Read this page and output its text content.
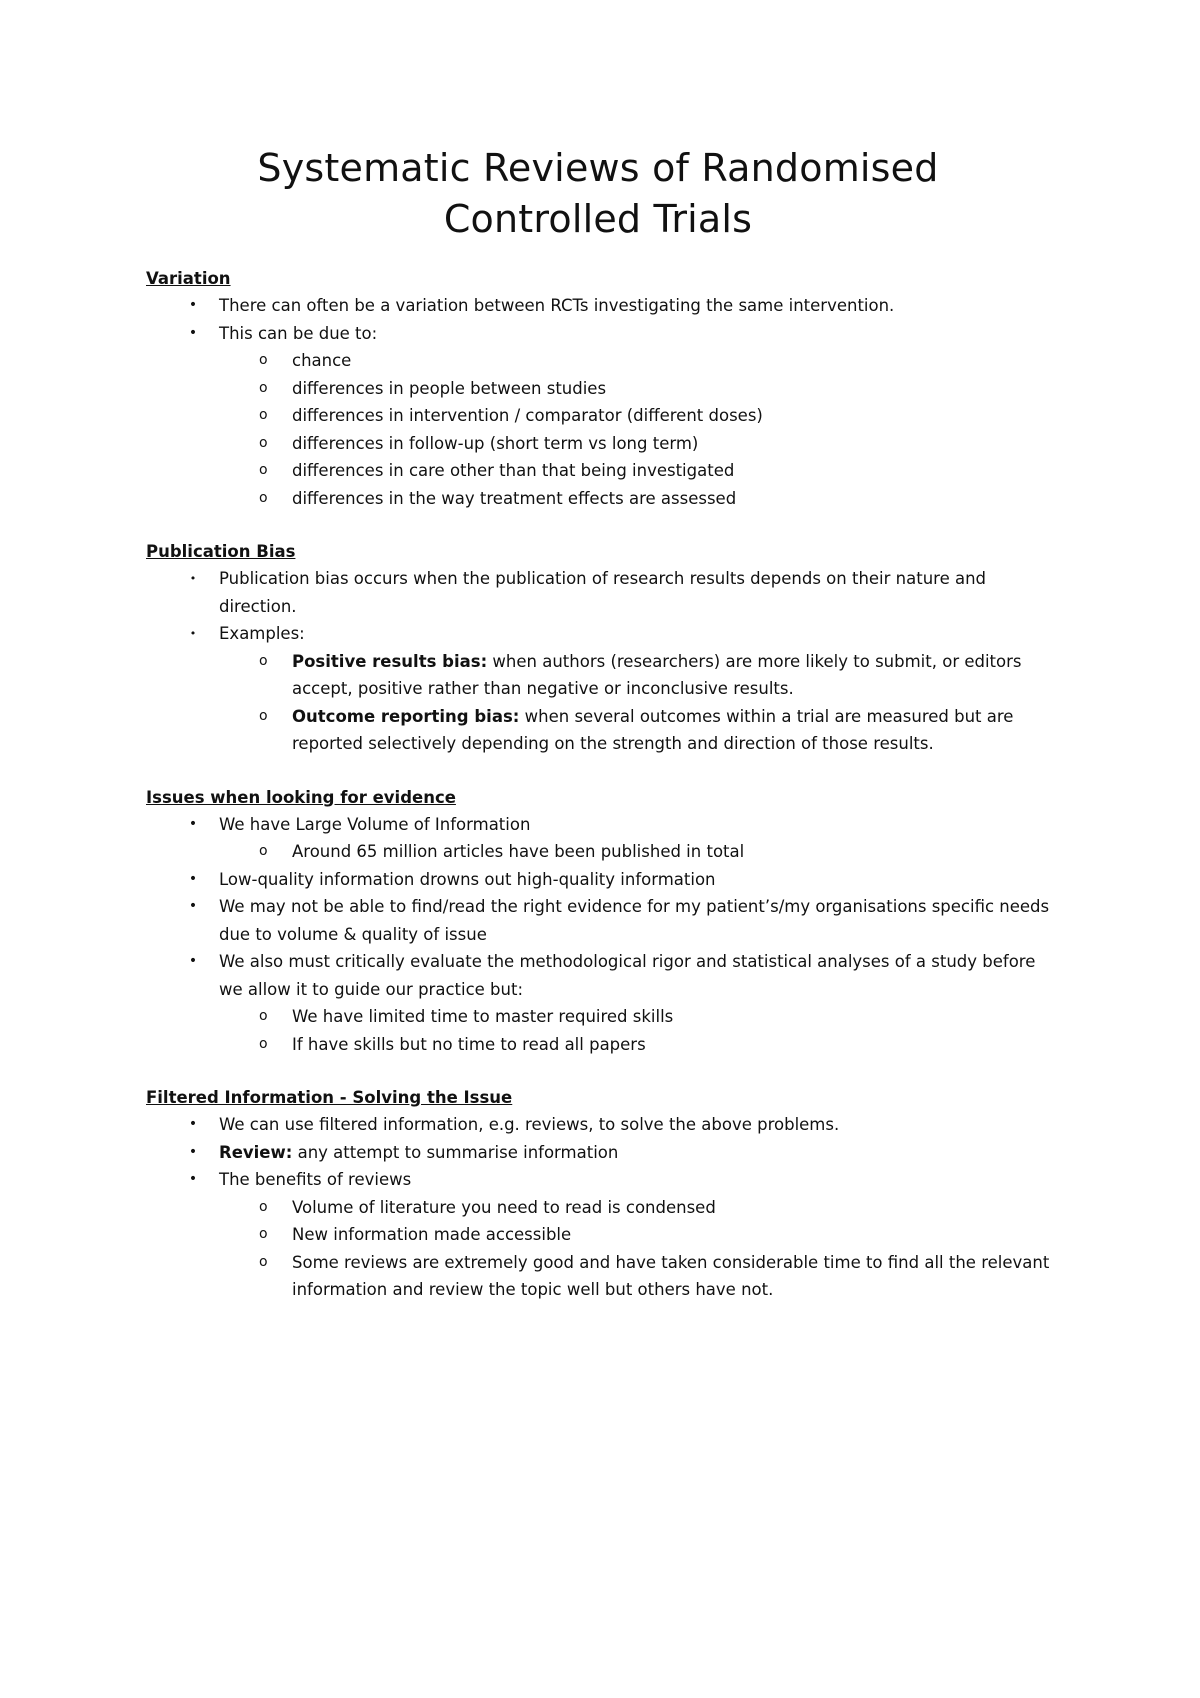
Systematic Reviews of Randomised
Controlled Trials

Variation

• There can often be a variation between RCTs investigating the same intervention.
• This can be due to:
o chance
o differences in people between studies
o differences in intervention / comparator (different doses)
o differences in follow-up (short term vs long term)
o differences in care other than that being investigated
o differences in the way treatment effects are assessed

Publication Bias

• Publication bias occurs when the publication of research results depends on their nature and direction.
• Examples:
o Positive results bias: when authors (researchers) are more likely to submit, or editors accept, positive rather than negative or inconclusive results.
o Outcome reporting bias: when several outcomes within a trial are measured but are reported selectively depending on the strength and direction of those results.

Issues when looking for evidence

• We have Large Volume of Information
o Around 65 million articles have been published in total
• Low-quality information drowns out high-quality information
• We may not be able to find/read the right evidence for my patient’s/my organisations specific needs due to volume & quality of issue
• We also must critically evaluate the methodological rigor and statistical analyses of a study before we allow it to guide our practice but:
o We have limited time to master required skills
o If have skills but no time to read all papers

Filtered Information - Solving the Issue

• We can use filtered information, e.g. reviews, to solve the above problems.
• Review: any attempt to summarise information
• The benefits of reviews
o Volume of literature you need to read is condensed
o New information made accessible
o Some reviews are extremely good and have taken considerable time to find all the relevant information and review the topic well but others have not.
